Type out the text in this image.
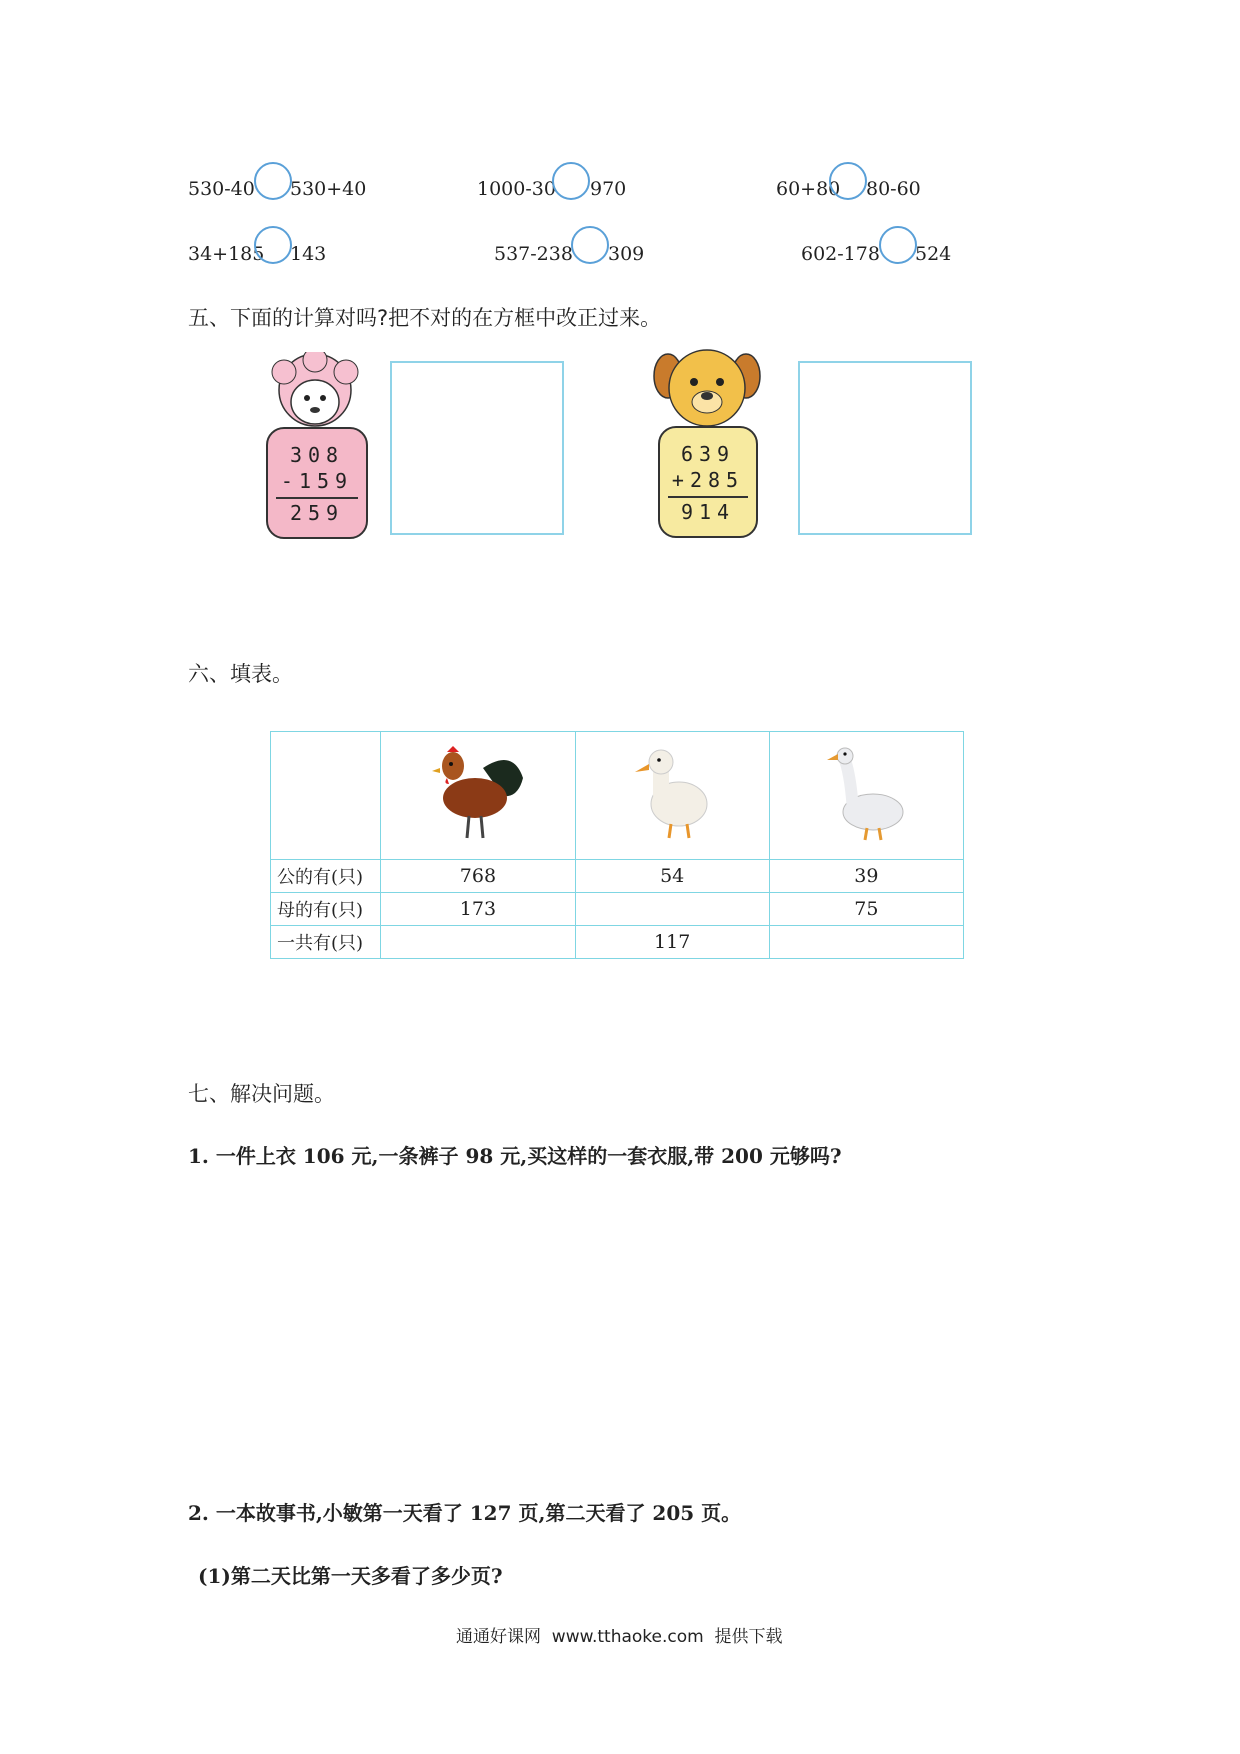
530-40 530+40	1000-30 970	60+80 80-60
34+185 143	537-238 309	602-178 524
五、下面的计算对吗?把不对的在方框中改正过来。
308
-159
259
639
+285
914
六、填表。

公的有(只)	768	54	39
母的有(只)	173		75
一共有(只)		117	
七、解决问题。
1. 一件上衣 106 元,一条裤子 98 元,买这样的一套衣服,带 200 元够吗?
2. 一本故事书,小敏第一天看了 127 页,第二天看了 205 页。
(1)第二天比第一天多看了多少页?
通通好课网  www.tthaoke.com  提供下载
